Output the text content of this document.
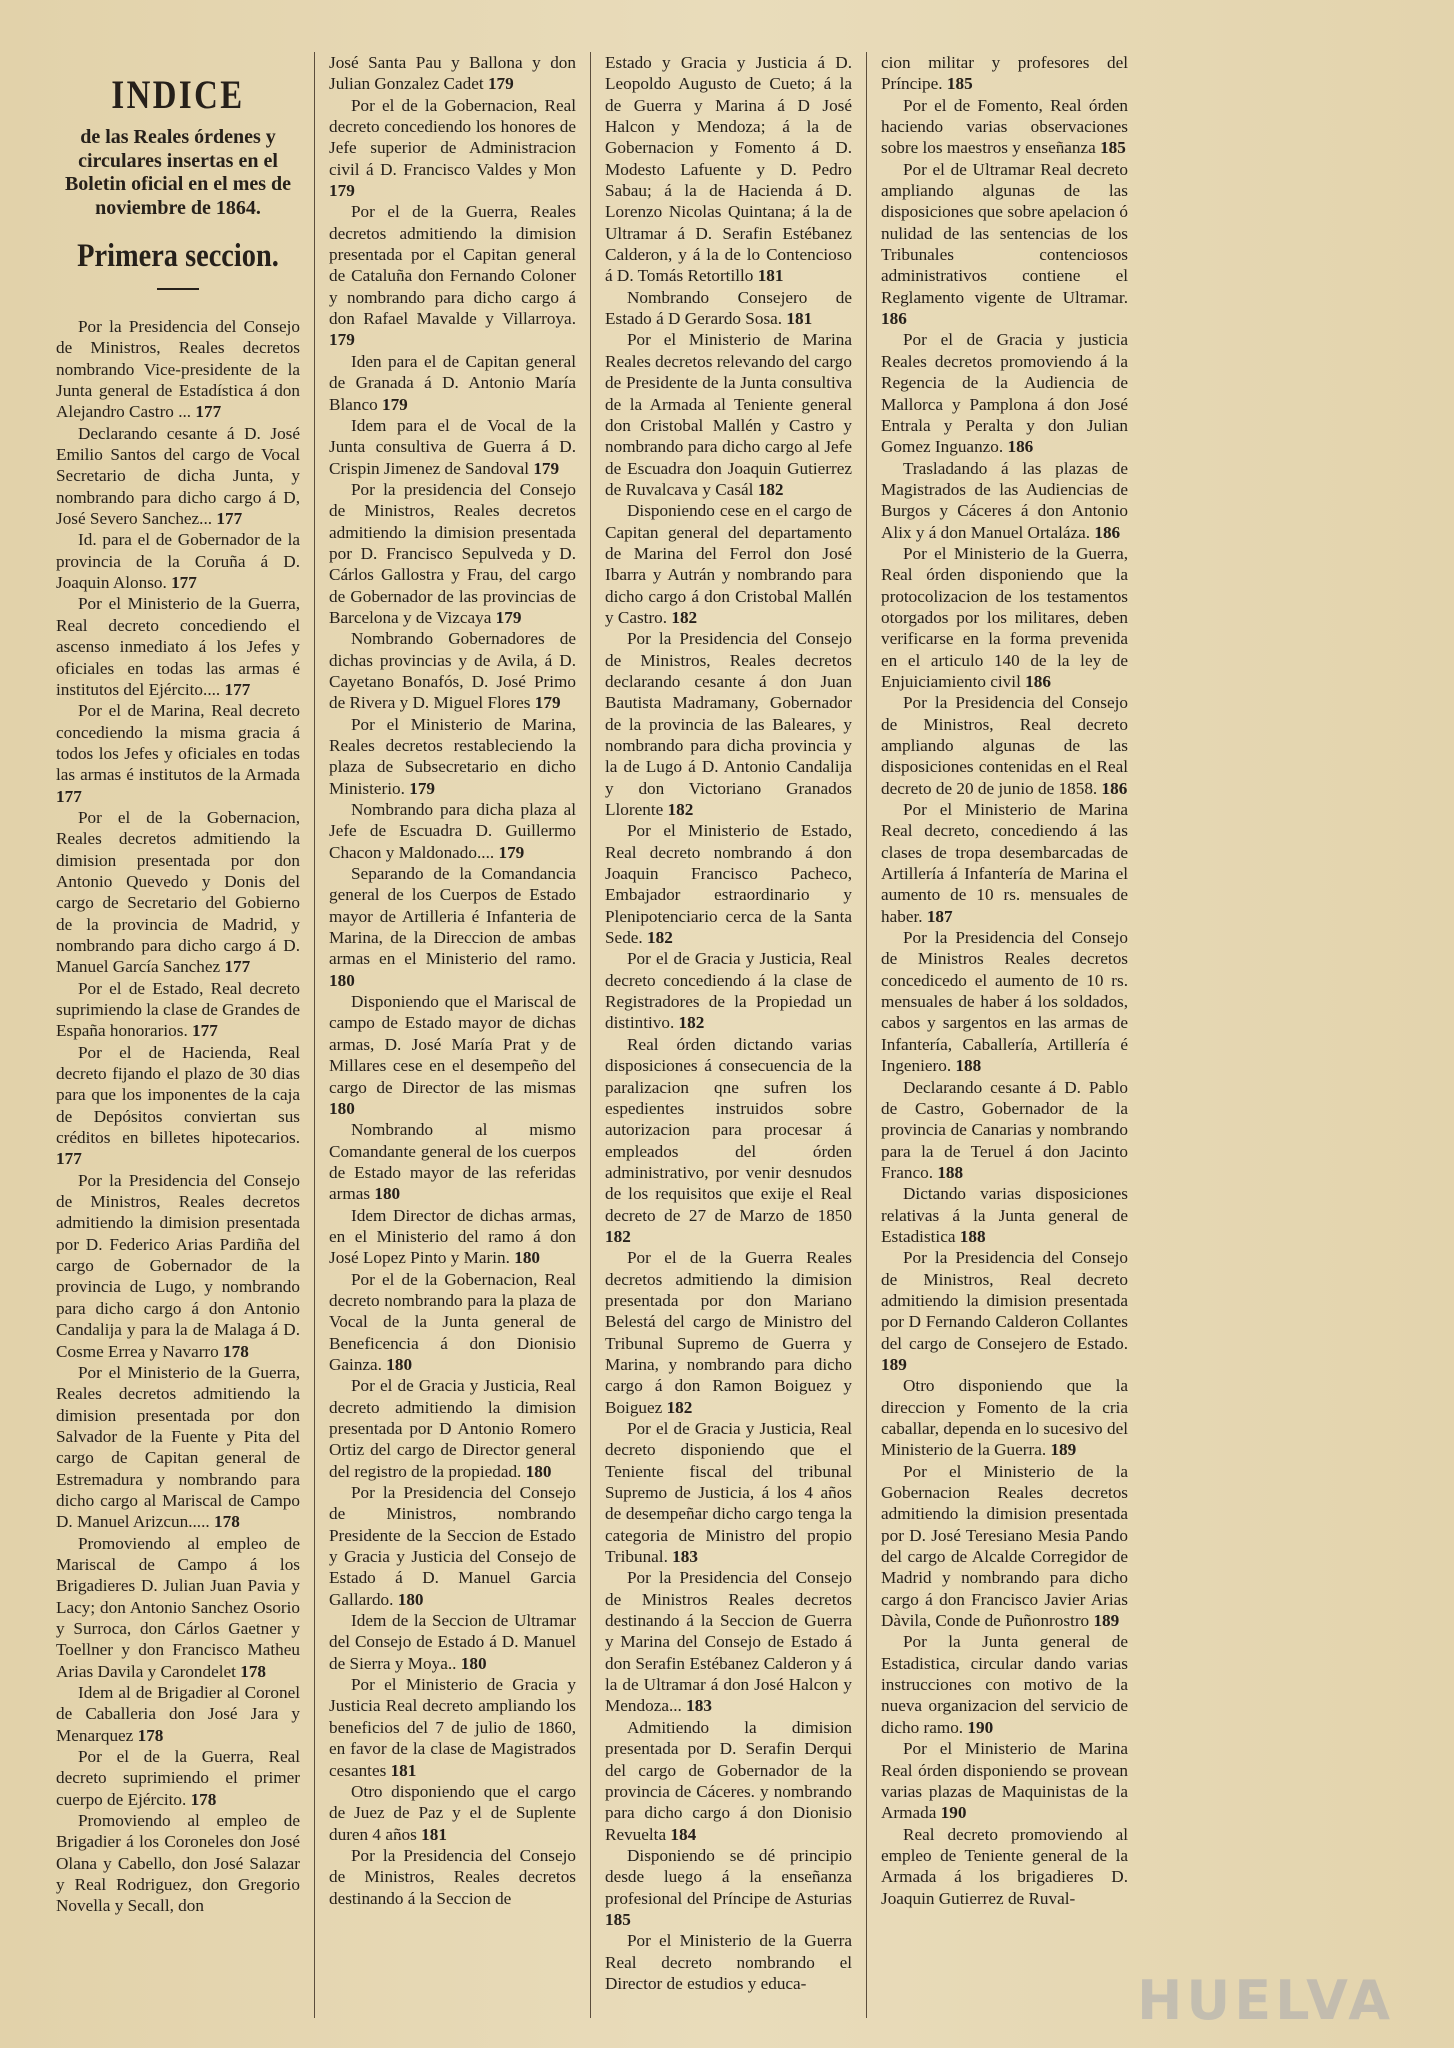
INDICE
de las Reales órdenes y circulares insertas en el Boletin oficial en el mes de noviembre de 1864.
Primera seccion.

Por la Presidencia del Consejo de Ministros, Reales decretos nombrando Vice-presidente de la Junta general de Estadística á don Alejandro Castro ... 177

Declarando cesante á D. José Emilio Santos del cargo de Vocal Secretario de dicha Junta, y nombrando para dicho cargo á D, José Severo Sanchez... 177

Id. para el de Gobernador de la provincia de la Coruña á D. Joaquin Alonso. 177

Por el Ministerio de la Guerra, Real decreto concediendo el ascenso inmediato á los Jefes y oficiales en todas las armas é institutos del Ejército.... 177

Por el de Marina, Real decreto concediendo la misma gracia á todos los Jefes y oficiales en todas las armas é institutos de la Armada177

Por el de la Gobernacion, Reales decretos admitiendo la dimision presentada por don Antonio Quevedo y Donis del cargo de Secretario del Gobierno de la provincia de Madrid, y nombrando para dicho cargo á D. Manuel García Sanchez 177

Por el de Estado, Real decreto suprimiendo la clase de Grandes de España honorarios. 177

Por el de Hacienda, Real decreto fijando el plazo de 30 dias para que los imponentes de la caja de Depósitos conviertan sus créditos en billetes hipotecarios.177

Por la Presidencia del Consejo de Ministros, Reales decretos admitiendo la dimision presentada por D. Federico Arias Pardiña del cargo de Gobernador de la provincia de Lugo, y nombrando para dicho cargo á don Antonio Candalija y para la de Malaga á D. Cosme Errea y Navarro 178

Por el Ministerio de la Guerra, Reales decretos admitiendo la dimision presentada por don Salvador de la Fuente y Pita del cargo de Capitan general de Estremadura y nombrando para dicho cargo al Mariscal de Campo D. Manuel Arizcun..... 178

Promoviendo al empleo de Mariscal de Campo á los Brigadieres D. Julian Juan Pavia y Lacy; don Antonio Sanchez Osorio y Surroca, don Cárlos Gaetner y Toellner y don Francisco Matheu Arias Davila y Carondelet 178

Idem al de Brigadier al Coronel de Caballeria don José Jara y Menarquez 178

Por el de la Guerra, Real decreto suprimiendo el primer cuerpo de Ejército. 178

Promoviendo al empleo de Brigadier á los Coroneles don José Olana y Cabello, don José Salazar y Real Rodriguez, don Gregorio Novella y Secall, don

José Santa Pau y Ballona y don Julian Gonzalez Cadet 179

Por el de la Gobernacion, Real decreto concediendo los honores de Jefe superior de Administracion civil á D. Francisco Valdes y Mon179

Por el de la Guerra, Reales decretos admitiendo la dimision presentada por el Capitan general de Cataluña don Fernando Coloner y nombrando para dicho cargo á don Rafael Mavalde y Villarroya.179

Iden para el de Capitan general de Granada á D. Antonio María Blanco 179

Idem para el de Vocal de la Junta consultiva de Guerra á D. Crispin Jimenez de Sandoval 179

Por la presidencia del Consejo de Ministros, Reales decretos admitiendo la dimision presentada por D. Francisco Sepulveda y D. Cárlos Gallostra y Frau, del cargo de Gobernador de las provincias de Barcelona y de Vizcaya 179

Nombrando Gobernadores de dichas provincias y de Avila, á D. Cayetano Bonafós, D. José Primo de Rivera y D. Miguel Flores 179

Por el Ministerio de Marina, Reales decretos restableciendo la plaza de Subsecretario en dicho Ministerio. 179

Nombrando para dicha plaza al Jefe de Escuadra D. Guillermo Chacon y Maldonado.... 179

Separando de la Comandancia general de los Cuerpos de Estado mayor de Artilleria é Infanteria de Marina, de la Direccion de ambas armas en el Ministerio del ramo.180

Disponiendo que el Mariscal de campo de Estado mayor de dichas armas, D. José María Prat y de Millares cese en el desempeño del cargo de Director de las mismas180

Nombrando al mismo Comandante general de los cuerpos de Estado mayor de las referidas armas 180

Idem Director de dichas armas, en el Ministerio del ramo á don José Lopez Pinto y Marin. 180

Por el de la Gobernacion, Real decreto nombrando para la plaza de Vocal de la Junta general de Beneficencia á don Dionisio Gainza. 180

Por el de Gracia y Justicia, Real decreto admitiendo la dimision presentada por D Antonio Romero Ortiz del cargo de Director general del registro de la propiedad. 180

Por la Presidencia del Consejo de Ministros, nombrando Presidente de la Seccion de Estado y Gracia y Justicia del Consejo de Estado á D. Manuel Garcia Gallardo. 180

Idem de la Seccion de Ultramar del Consejo de Estado á D. Manuel de Sierra y Moya.. 180

Por el Ministerio de Gracia y Justicia Real decreto ampliando los beneficios del 7 de julio de 1860, en favor de la clase de Magistrados cesantes 181

Otro disponiendo que el cargo de Juez de Paz y el de Suplente duren 4 años 181

Por la Presidencia del Consejo de Ministros, Reales decretos destinando á la Seccion de

Estado y Gracia y Justicia á D. Leopoldo Augusto de Cueto; á la de Guerra y Marina á D José Halcon y Mendoza; á la de Gobernacion y Fomento á D. Modesto Lafuente y D. Pedro Sabau; á la de Hacienda á D. Lorenzo Nicolas Quintana; á la de Ultramar á D. Serafin Estébanez Calderon, y á la de lo Contencioso á D. Tomás Retortillo 181

Nombrando Consejero de Estado á D Gerardo Sosa. 181

Por el Ministerio de Marina Reales decretos relevando del cargo de Presidente de la Junta consultiva de la Armada al Teniente general don Cristobal Mallén y Castro y nombrando para dicho cargo al Jefe de Escuadra don Joaquin Gutierrez de Ruvalcava y Casál 182

Disponiendo cese en el cargo de Capitan general del departamento de Marina del Ferrol don José Ibarra y Autrán y nombrando para dicho cargo á don Cristobal Mallén y Castro. 182

Por la Presidencia del Consejo de Ministros, Reales decretos declarando cesante á don Juan Bautista Madramany, Gobernador de la provincia de las Baleares, y nombrando para dicha provincia y la de Lugo á D. Antonio Candalija y don Victoriano Granados Llorente 182

Por el Ministerio de Estado, Real decreto nombrando á don Joaquin Francisco Pacheco, Embajador estraordinario y Plenipotenciario cerca de la Santa Sede. 182

Por el de Gracia y Justicia, Real decreto concediendo á la clase de Registradores de la Propiedad un distintivo. 182

Real órden dictando varias disposiciones á consecuencia de la paralizacion qne sufren los espedientes instruidos sobre autorizacion para procesar á empleados del órden administrativo, por venir desnudos de los requisitos que exije el Real decreto de 27 de Marzo de 1850182

Por el de la Guerra Reales decretos admitiendo la dimision presentada por don Mariano Belestá del cargo de Ministro del Tribunal Supremo de Guerra y Marina, y nombrando para dicho cargo á don Ramon Boiguez y Boiguez 182

Por el de Gracia y Justicia, Real decreto disponiendo que el Teniente fiscal del tribunal Supremo de Justicia, á los 4 años de desempeñar dicho cargo tenga la categoria de Ministro del propio Tribunal. 183

Por la Presidencia del Consejo de Ministros Reales decretos destinando á la Seccion de Guerra y Marina del Consejo de Estado á don Serafin Estébanez Calderon y á la de Ultramar á don José Halcon y Mendoza... 183

Admitiendo la dimision presentada por D. Serafin Derqui del cargo de Gobernador de la provincia de Cáceres. y nombrando para dicho cargo á don Dionisio Revuelta 184

Disponiendo se dé principio desde luego á la enseñanza profesional del Príncipe de Asturias185

Por el Ministerio de la Guerra Real decreto nombrando el Director de estudios y educa-

cion militar y profesores del Príncipe. 185

Por el de Fomento, Real órden haciendo varias observaciones sobre los maestros y enseñanza 185

Por el de Ultramar Real decreto ampliando algunas de las disposiciones que sobre apelacion ó nulidad de las sentencias de los Tribunales contenciosos administrativos contiene el Reglamento vigente de Ultramar.186

Por el de Gracia y justicia Reales decretos promoviendo á la Regencia de la Audiencia de Mallorca y Pamplona á don José Entrala y Peralta y don Julian Gomez Inguanzo. 186

Trasladando á las plazas de Magistrados de las Audiencias de Burgos y Cáceres á don Antonio Alix y á don Manuel Ortaláza. 186

Por el Ministerio de la Guerra, Real órden disponiendo que la protocolizacion de los testamentos otorgados por los militares, deben verificarse en la forma prevenida en el articulo 140 de la ley de Enjuiciamiento civil 186

Por la Presidencia del Consejo de Ministros, Real decreto ampliando algunas de las disposiciones contenidas en el Real decreto de 20 de junio de 1858. 186

Por el Ministerio de Marina Real decreto, concediendo á las clases de tropa desembarcadas de Artillería á Infantería de Marina el aumento de 10 rs. mensuales de haber. 187

Por la Presidencia del Consejo de Ministros Reales decretos concedicedo el aumento de 10 rs. mensuales de haber á los soldados, cabos y sargentos en las armas de Infantería, Caballería, Artillería é Ingeniero. 188

Declarando cesante á D. Pablo de Castro, Gobernador de la provincia de Canarias y nombrando para la de Teruel á don Jacinto Franco. 188

Dictando varias disposiciones relativas á la Junta general de Estadistica 188

Por la Presidencia del Consejo de Ministros, Real decreto admitiendo la dimision presentada por D Fernando Calderon Collantes del cargo de Consejero de Estado.189

Otro disponiendo que la direccion y Fomento de la cria caballar, dependa en lo sucesivo del Ministerio de la Guerra. 189

Por el Ministerio de la Gobernacion Reales decretos admitiendo la dimision presentada por D. José Teresiano Mesia Pando del cargo de Alcalde Corregidor de Madrid y nombrando para dicho cargo á don Francisco Javier Arias Dàvila, Conde de Puñonrostro 189

Por la Junta general de Estadistica, circular dando varias instrucciones con motivo de la nueva organizacion del servicio de dicho ramo. 190

Por el Ministerio de Marina Real órden disponiendo se provean varias plazas de Maquinistas de la Armada 190

Real decreto promoviendo al empleo de Teniente general de la Armada á los brigadieres D. Joaquin Gutierrez de Ruval-

HUELVA
